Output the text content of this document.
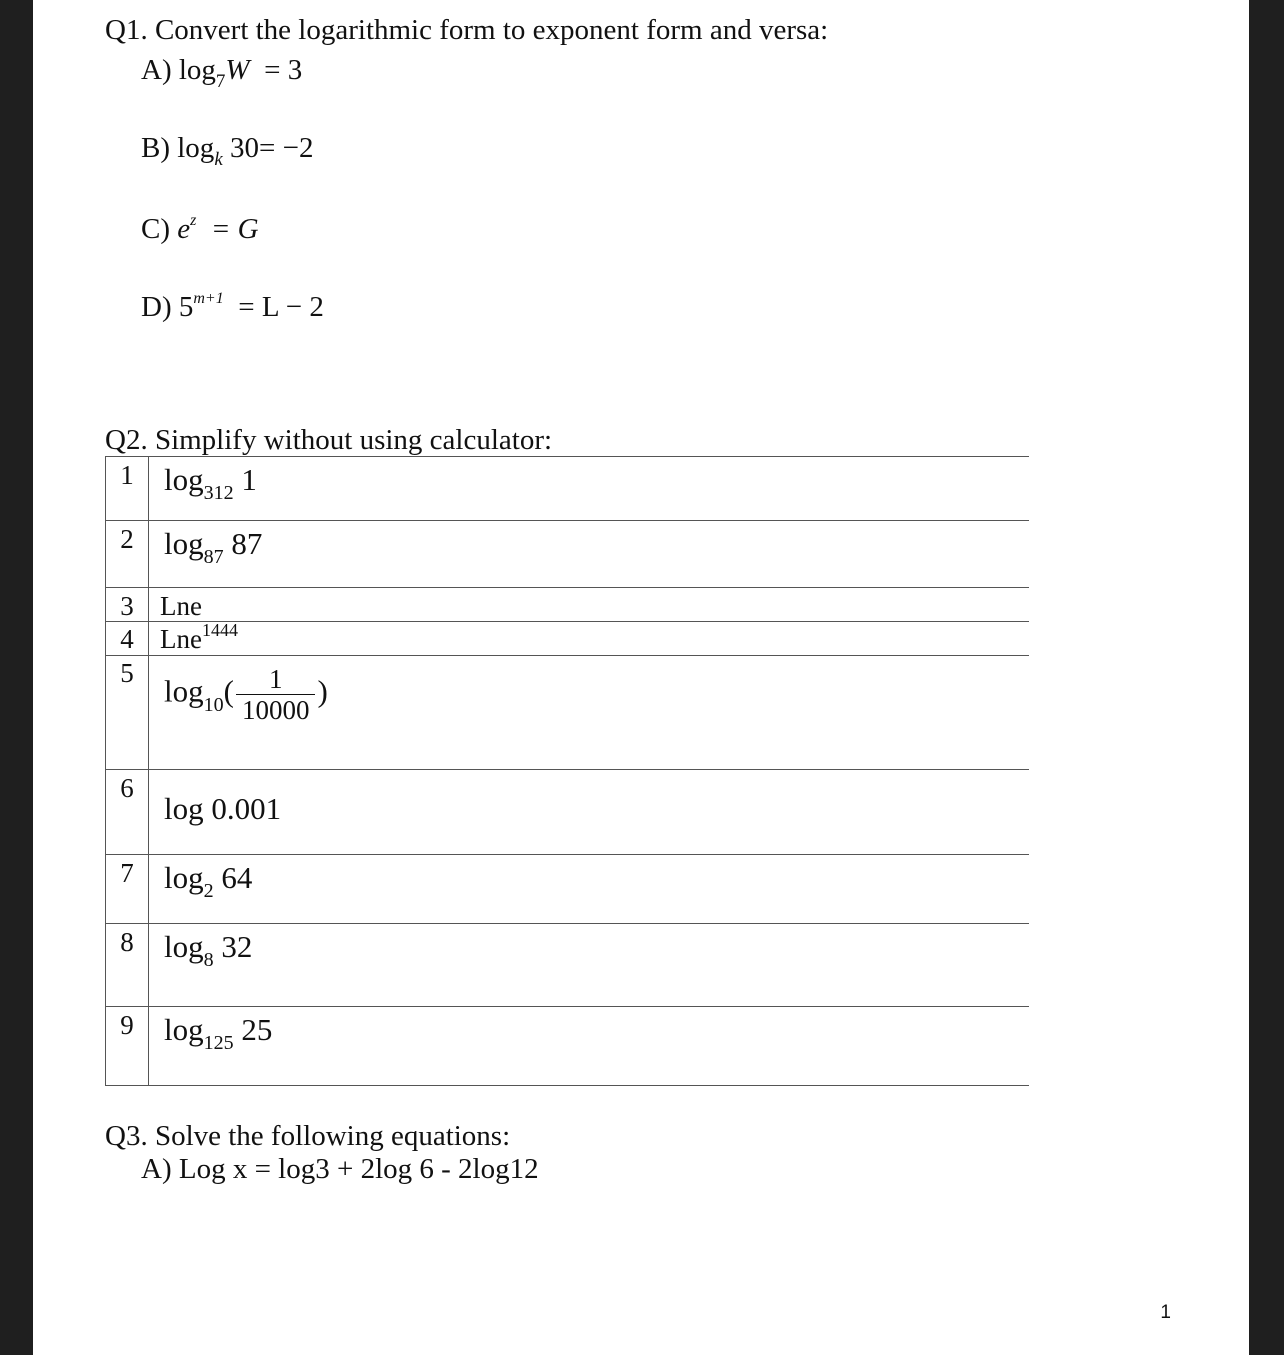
Q1. Convert the logarithmic form to exponent form and versa:
A) $\log_7W = 3$
B) $\log_k 30= -2$
C) $e^z = G$
D) $5^{m+1} = L - 2$
Q2. Simplify without using calculator:
1 $\log_{312} 1$
2 $\log_{87} 87$
3 Lne
4 Lne$^{1444}$
5
$\log_{10}( \frac{1}{10000}$ )
6
log 0.001
7 $\log_2 64$
8 $\log_8 32$
9 $\log_{125} 25$
Q3. Solve the following equations:
A) Log x = log3 + 2log 6 - 2log12
1
